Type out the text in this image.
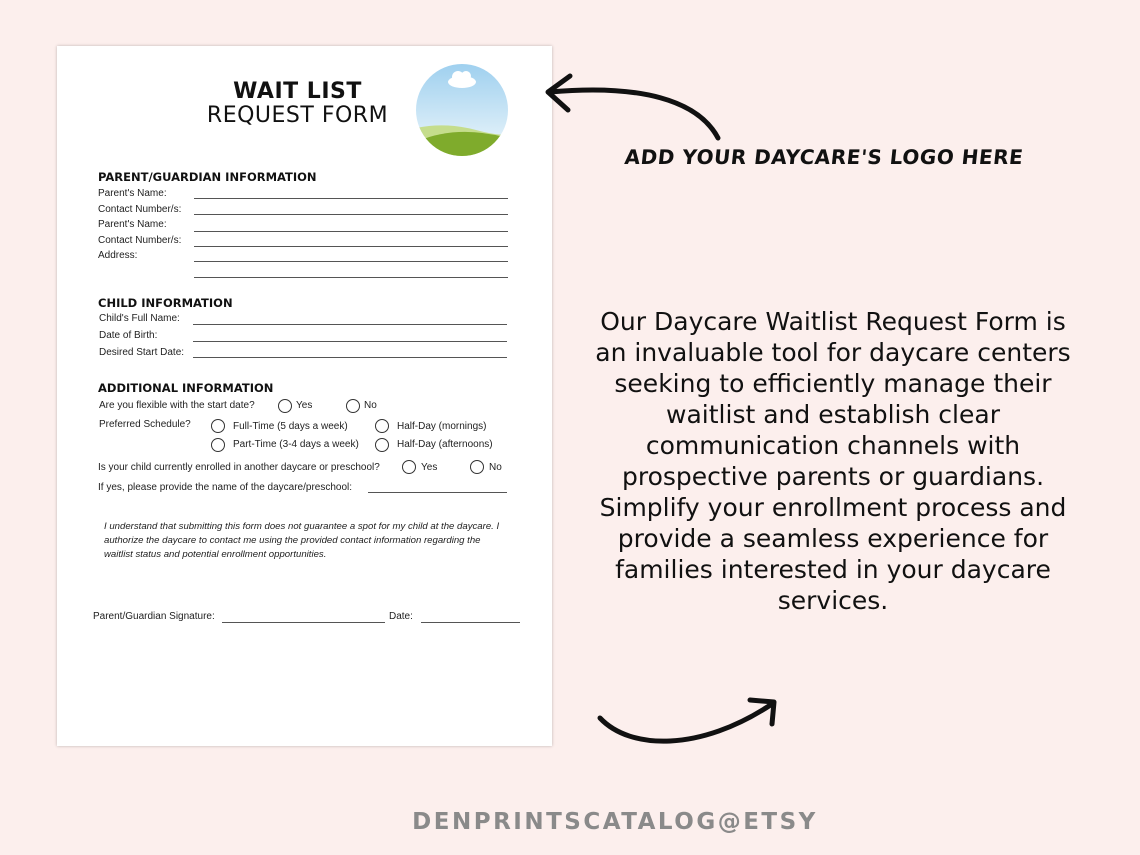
WAIT LIST
REQUEST FORM
PARENT/GUARDIAN INFORMATION
Parent's Name:
Contact Number/s:
Parent's Name:
Contact Number/s:
Address:
CHILD INFORMATION
Child's Full Name:
Date of Birth:
Desired Start Date:
ADDITIONAL INFORMATION
Are you flexible with the start date?	Yes	No
Preferred Schedule?	Full-Time (5 days a week)	Half-Day (mornings)
Part-Time (3-4 days a week)	Half-Day (afternoons)
Is your child currently enrolled in another daycare or preschool?	Yes	No
If yes, please provide the name of the daycare/preschool:
I understand that submitting this form does not guarantee a spot for my child at the daycare. I authorize the daycare to contact me using the provided contact information regarding the waitlist status and potential enrollment opportunities.
Parent/Guardian Signature:	Date:
ADD YOUR DAYCARE'S LOGO HERE
Our Daycare Waitlist Request Form is an invaluable tool for daycare centers seeking to efficiently manage their waitlist and establish clear communication channels with prospective parents or guardians. Simplify your enrollment process and provide a seamless experience for families interested in your daycare services.
DENPRINTSCATALOG@ETSY
